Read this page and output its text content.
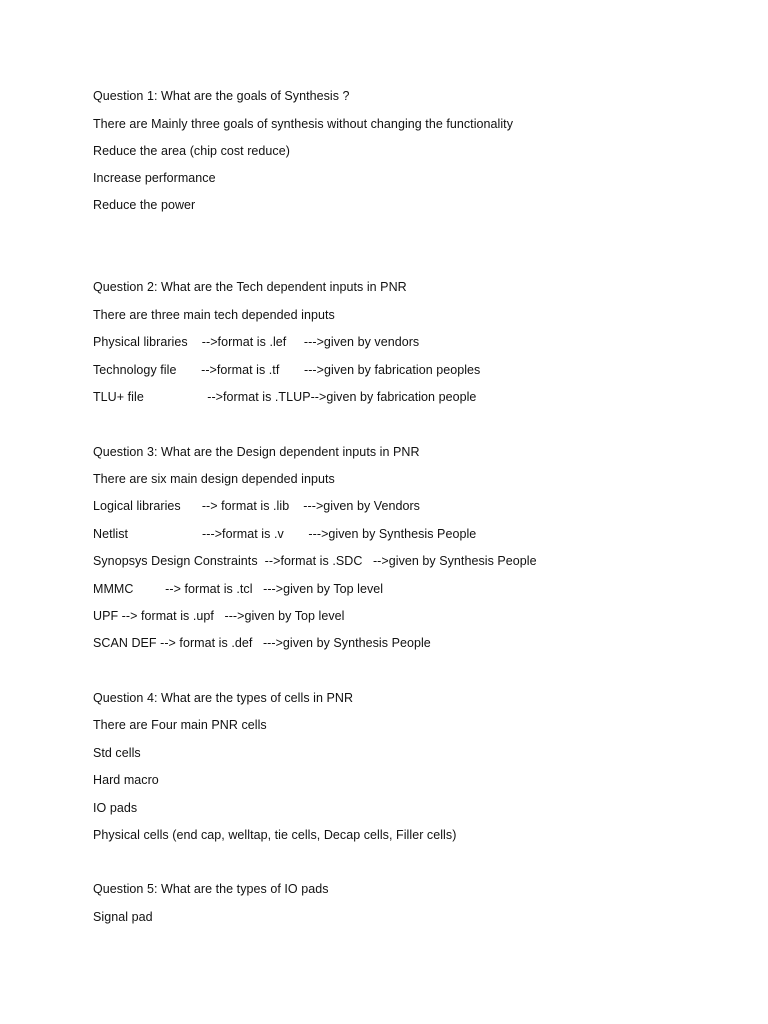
Question 1: What are the goals of Synthesis ?
There are Mainly three goals of synthesis without changing the functionality
Reduce the area (chip cost reduce)
Increase performance
Reduce the power
Question 2: What are the Tech dependent inputs in PNR
There are three main tech depended inputs
Physical libraries    -->format is .lef     --->given by vendors
Technology file       -->format is .tf       --->given by fabrication peoples
TLU+ file                  -->format is .TLUP-->given by fabrication people
Question 3: What are the Design dependent inputs in PNR
There are six main design depended inputs
Logical libraries      --> format is .lib    --->given by Vendors
Netlist                     --->format is .v       --->given by Synthesis People
Synopsys Design Constraints  -->format is .SDC   -->given by Synthesis People
MMMC         --> format is .tcl   --->given by Top level
UPF --> format is .upf   --->given by Top level
SCAN DEF --> format is .def   --->given by Synthesis People
Question 4: What are the types of cells in PNR
There are Four main PNR cells
Std cells
Hard macro
IO pads
Physical cells (end cap, welltap, tie cells, Decap cells, Filler cells)
Question 5: What are the types of IO pads
Signal pad
